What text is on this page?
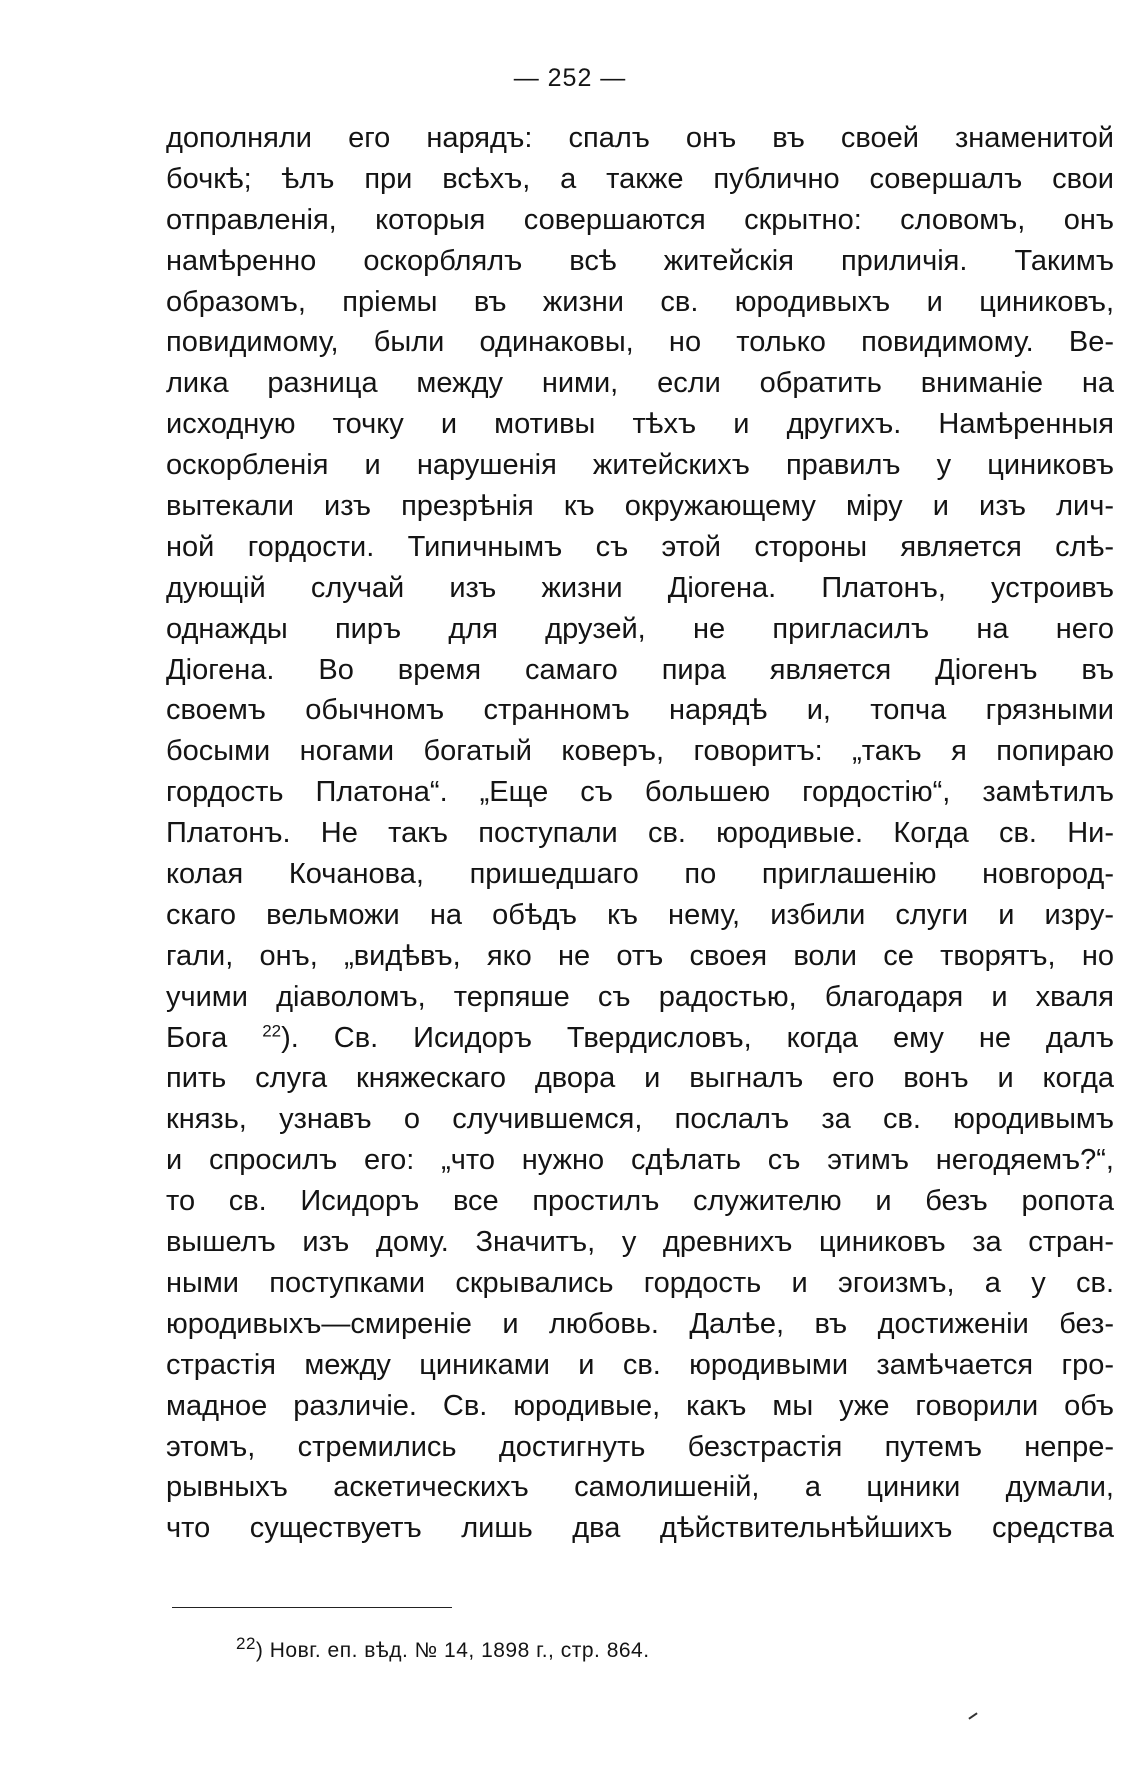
— 252 —
дополняли его нарядъ: спалъ онъ въ своей знаменитой
бочкѣ; ѣлъ при всѣхъ, а также публично совершалъ свои
отправленія, которыя совершаются скрытно: словомъ, онъ
намѣренно оскорблялъ всѣ житейскія приличія. Такимъ
образомъ, пріемы въ жизни св. юродивыхъ и циниковъ,
повидимому, были одинаковы, но только повидимому. Ве-
лика разница между ними, если обратить вниманіе на
исходную точку и мотивы тѣхъ и другихъ. Намѣренныя
оскорбленія и нарушенія житейскихъ правилъ у циниковъ
вытекали изъ презрѣнія къ окружающему міру и изъ лич-
ной гордости. Типичнымъ съ этой стороны является слѣ-
дующій случай изъ жизни Діогена. Платонъ, устроивъ
однажды пиръ для друзей, не пригласилъ на него
Діогена. Во время самаго пира является Діогенъ въ
своемъ обычномъ странномъ нарядѣ и, топча грязными
босыми ногами богатый коверъ, говоритъ: „такъ я попираю
гордость Платона“. „Еще съ большею гордостію“, замѣтилъ
Платонъ. Не такъ поступали св. юродивые. Когда св. Ни-
колая Кочанова, пришедшаго по приглашенію новгород-
скаго вельможи на обѣдъ къ нему, избили слуги и изру-
гали, онъ, „видѣвъ, яко не отъ своея воли се творятъ, но
учими діаволомъ, терпяше съ радостью, благодаря и хваля
Бога $^{22}$). Св. Исидоръ Твердисловъ, когда ему не далъ
пить слуга княжескаго двора и выгналъ его вонъ и когда
князь, узнавъ о случившемся, послалъ за св. юродивымъ
и спросилъ его: „что нужно сдѣлать съ этимъ негодяемъ?“,
то св. Исидоръ все простилъ служителю и безъ ропота
вышелъ изъ дому. Значитъ, у древнихъ циниковъ за стран-
ными поступками скрывались гордость и эгоизмъ, а у св.
юродивыхъ—смиреніе и любовь. Далѣе, въ достиженіи без-
страстія между циниками и св. юродивыми замѣчается гро-
мадное различіе. Св. юродивые, какъ мы уже говорили объ
этомъ, стремились достигнуть безстрастія путемъ непре-
рывныхъ аскетическихъ самолишеній, а циники думали,
что существуетъ лишь два дѣйствительнѣйшихъ средства
$^{22}$) Новг. еп. вѣд. № 14, 1898 г., стр. 864.
